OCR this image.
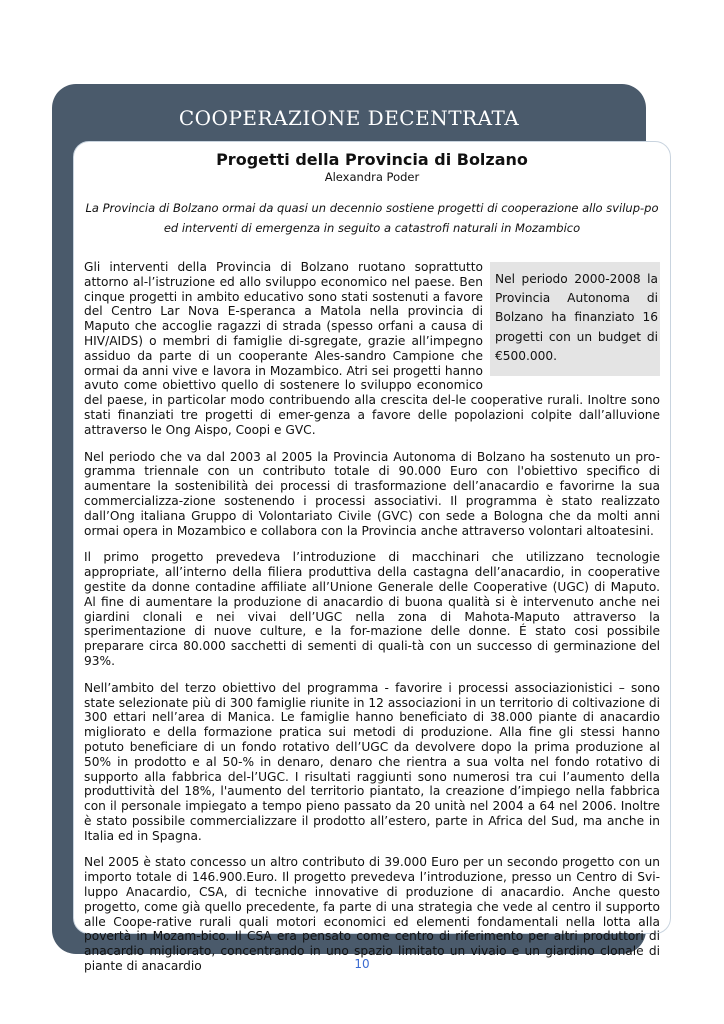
COOPERAZIONE DECENTRATA
Progetti della Provincia di Bolzano
Alexandra Poder
La Provincia di Bolzano ormai da quasi un decennio sostiene progetti di cooperazione allo svilup-po ed interventi di emergenza in seguito a catastrofi naturali in Mozambico
Nel periodo 2000-2008 la Provincia Autonoma di Bolzano ha finanziato 16 progetti con un budget di €500.000.

Gli interventi della Provincia di Bolzano ruotano soprattutto attorno al-l’istruzione ed allo sviluppo economico nel paese. Ben cinque progetti in ambito educativo sono stati sostenuti a favore del Centro Lar Nova E-speranca a Matola nella provincia di Maputo che accoglie ragazzi di strada (spesso orfani a causa di HIV/AIDS) o membri di famiglie di-sgregate, grazie all’impegno assiduo da parte di un cooperante Ales-sandro Campione che ormai da anni vive e lavora in Mozambico. Atri sei progetti hanno avuto come obiettivo quello di sostenere lo sviluppo economico del paese, in particolar modo contribuendo alla crescita del-le cooperative rurali. Inoltre sono stati finanziati tre progetti di emer-genza a favore delle popolazioni colpite dall’alluvione attraverso le Ong Aispo, Coopi e GVC.

Nel periodo che va dal 2003 al 2005 la Provincia Autonoma di Bolzano ha sostenuto un pro-gramma triennale con un contributo totale di 90.000 Euro con l'obiettivo specifico di aumentare la sostenibilità dei processi di trasformazione dell’anacardio e favorirne la sua commercializza-zione sostenendo i processi associativi. Il programma è stato realizzato dall’Ong italiana Gruppo di Volontariato Civile (GVC) con sede a Bologna che da molti anni ormai opera in Mozambico e collabora con la Provincia anche attraverso volontari altoatesini.

Il primo progetto prevedeva l’introduzione di macchinari che utilizzano tecnologie appropriate, all’interno della filiera produttiva della castagna dell’anacardio, in cooperative gestite da donne contadine affiliate all’Unione Generale delle Cooperative (UGC) di Maputo. Al fine di aumentare la produzione di anacardio di buona qualità si è intervenuto anche nei giardini clonali e nei vivai dell’UGC nella zona di Mahota-Maputo attraverso la sperimentazione di nuove culture, e la for-mazione delle donne. É stato cosi possibile preparare circa 80.000 sacchetti di sementi di quali-tà con un successo di germinazione del 93%.

Nell’ambito del terzo obiettivo del programma - favorire i processi associazionistici – sono state selezionate più di 300 famiglie riunite in 12 associazioni in un territorio di coltivazione di 300 ettari nell’area di Manica. Le famiglie hanno beneficiato di 38.000 piante di anacardio migliorato e della formazione pratica sui metodi di produzione. Alla fine gli stessi hanno potuto beneficiare di un fondo rotativo dell’UGC da devolvere dopo la prima produzione al 50% in prodotto e al 50-% in denaro, denaro che rientra a sua volta nel fondo rotativo di supporto alla fabbrica del-l’UGC. I risultati raggiunti sono numerosi tra cui l’aumento della produttività del 18%, l'aumento del territorio piantato, la creazione d’impiego nella fabbrica con il personale impiegato a tempo pieno passato da 20 unità nel 2004 a 64 nel 2006. Inoltre è stato possibile commercializzare il prodotto all’estero, parte in Africa del Sud, ma anche in Italia ed in Spagna.

Nel 2005 è stato concesso un altro contributo di 39.000 Euro per un secondo progetto con un importo totale di 146.900.Euro. Il progetto prevedeva l’introduzione, presso un Centro di Svi-luppo Anacardio, CSA, di tecniche innovative di produzione di anacardio. Anche questo progetto, come già quello precedente, fa parte di una strategia che vede al centro il supporto alle Coope-rative rurali quali motori economici ed elementi fondamentali nella lotta alla povertà in Mozam-bico. Il CSA era pensato come centro di riferimento per altri produttori di anacardio migliorato, concentrando in uno spazio limitato un vivaio e un giardino clonale di piante di anacardio	10
